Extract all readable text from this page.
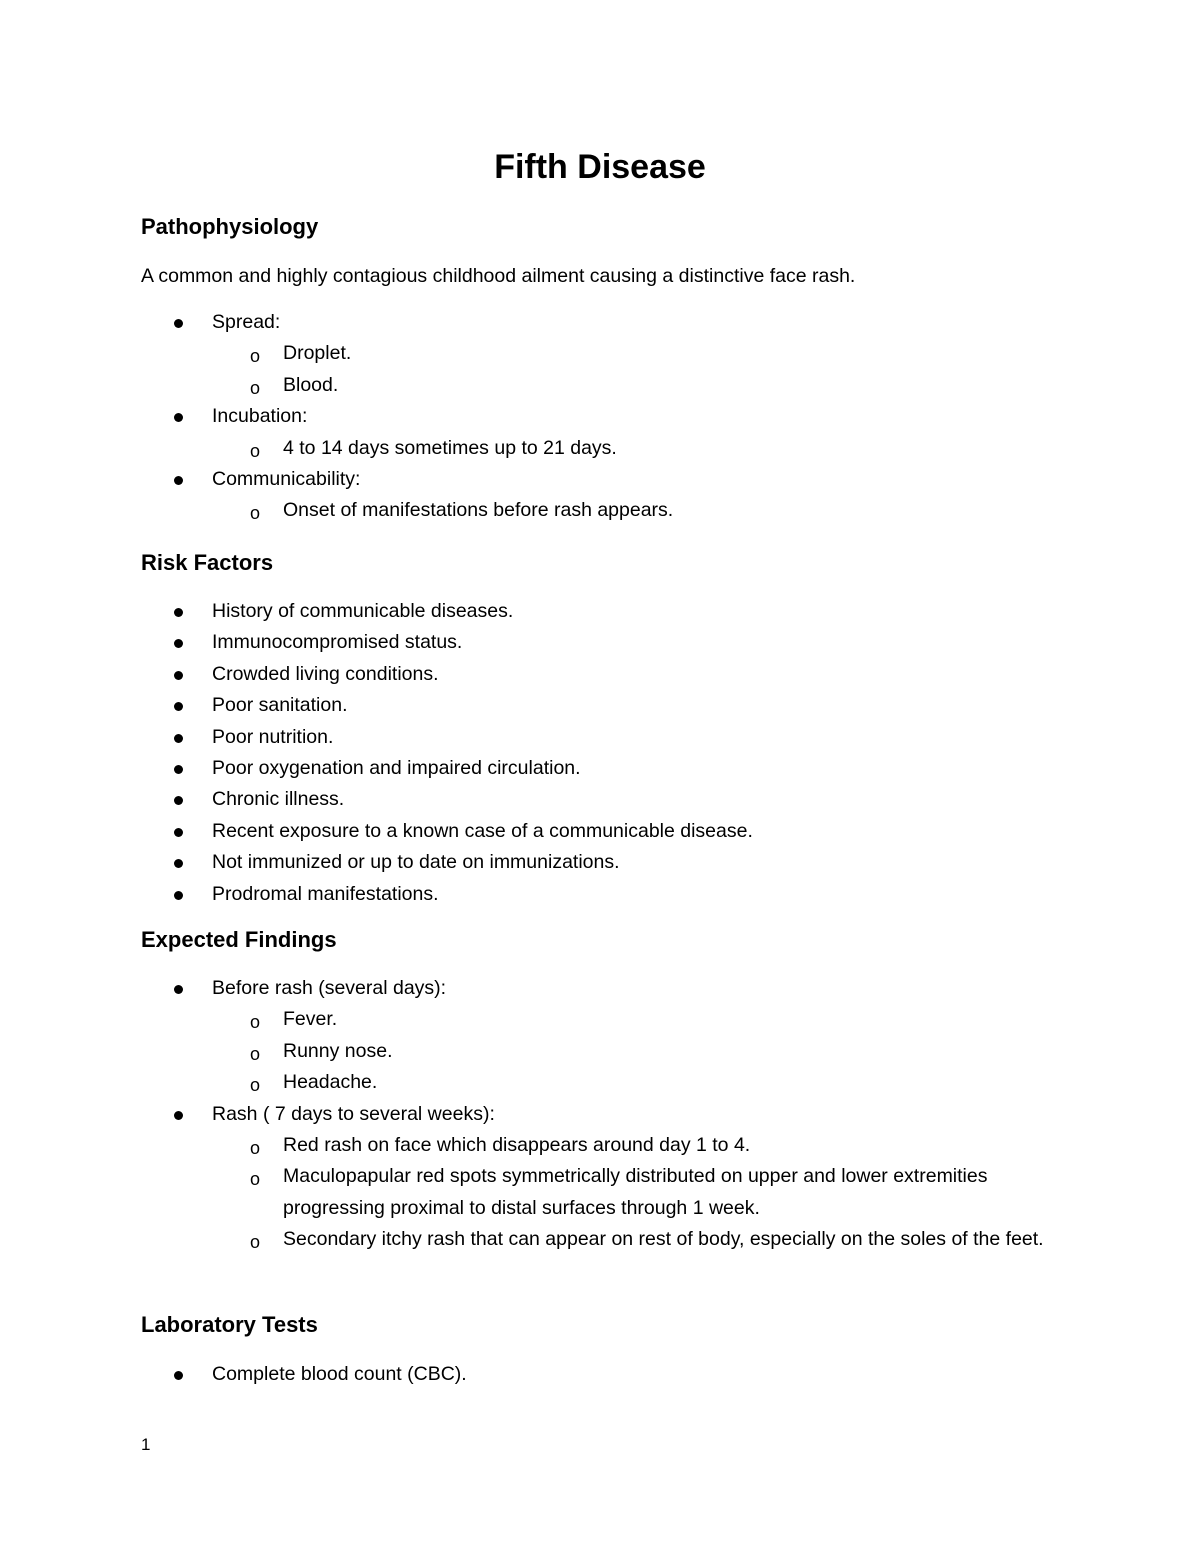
Fifth Disease
Pathophysiology

A common and highly contagious childhood ailment causing a distinctive face rash.

Spread:
o Droplet.
o Blood.
Incubation:
o 4 to 14 days sometimes up to 21 days.
Communicability:
o Onset of manifestations before rash appears.
Risk Factors
History of communicable diseases.
Immunocompromised status.
Crowded living conditions.
Poor sanitation.
Poor nutrition.
Poor oxygenation and impaired circulation.
Chronic illness.
Recent exposure to a known case of a communicable disease.
Not immunized or up to date on immunizations.
Prodromal manifestations.
Expected Findings
Before rash (several days):
o Fever.
o Runny nose.
o Headache.
Rash ( 7 days to several weeks):
o Red rash on face which disappears around day 1 to 4.
o Maculopapular red spots symmetrically distributed on upper and lower extremities progressing proximal to distal surfaces through 1 week.
o Secondary itchy rash that can appear on rest of body, especially on the soles of the feet.
Laboratory Tests
Complete blood count (CBC).
1
